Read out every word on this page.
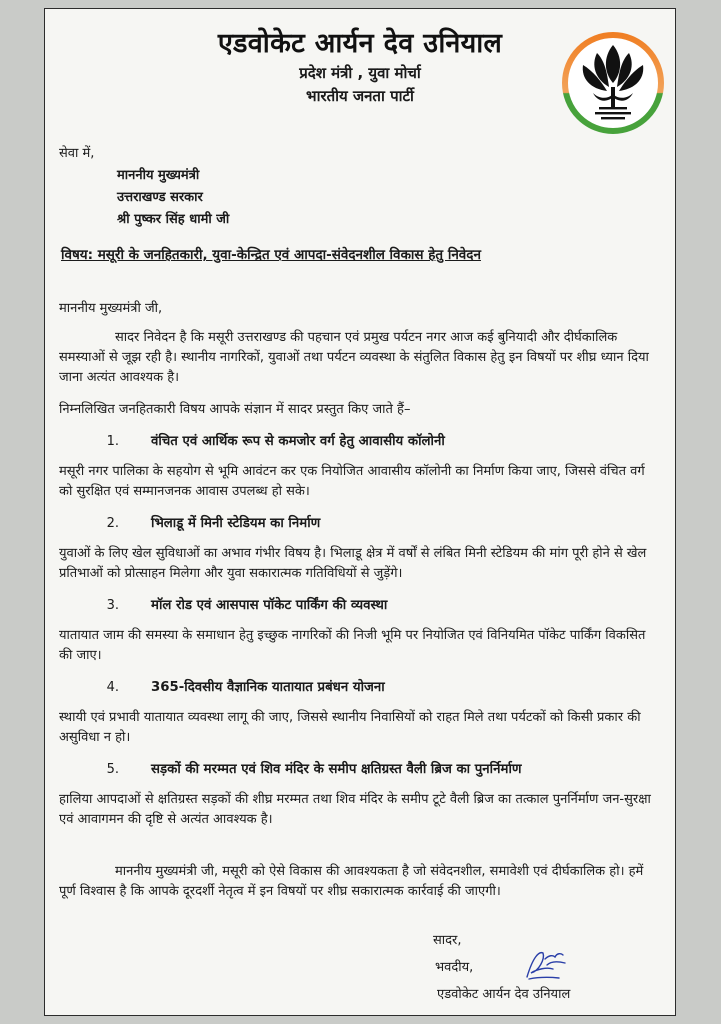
एडवोकेट आर्यन देव उनियाल
प्रदेश मंत्री , युवा मोर्चा
भारतीय जनता पार्टी
सेवा में,
माननीय मुख्यमंत्री
उत्तराखण्ड सरकार
श्री पुष्कर सिंह धामी जी
विषय: मसूरी के जनहितकारी, युवा-केन्द्रित एवं आपदा-संवेदनशील विकास हेतु निवेदन

माननीय मुख्यमंत्री जी,

सादर निवेदन है कि मसूरी उत्तराखण्ड की पहचान एवं प्रमुख पर्यटन नगर आज कई बुनियादी और दीर्घकालिक समस्याओं से जूझ रही है। स्थानीय नागरिकों, युवाओं तथा पर्यटन व्यवस्था के संतुलित विकास हेतु इन विषयों पर शीघ्र ध्यान दिया जाना अत्यंत आवश्यक है।

निम्नलिखित जनहितकारी विषय आपके संज्ञान में सादर प्रस्तुत किए जाते हैं–

1.	वंचित एवं आर्थिक रूप से कमजोर वर्ग हेतु आवासीय कॉलोनी

मसूरी नगर पालिका के सहयोग से भूमि आवंटन कर एक नियोजित आवासीय कॉलोनी का निर्माण किया जाए, जिससे वंचित वर्ग को सुरक्षित एवं सम्मानजनक आवास उपलब्ध हो सके।

2.	भिलाडू में मिनी स्टेडियम का निर्माण

युवाओं के लिए खेल सुविधाओं का अभाव गंभीर विषय है। भिलाडू क्षेत्र में वर्षों से लंबित मिनी स्टेडियम की मांग पूरी होने से खेल प्रतिभाओं को प्रोत्साहन मिलेगा और युवा सकारात्मक गतिविधियों से जुड़ेंगे।

3.	मॉल रोड एवं आसपास पॉकेट पार्किंग की व्यवस्था

यातायात जाम की समस्या के समाधान हेतु इच्छुक नागरिकों की निजी भूमि पर नियोजित एवं विनियमित पॉकेट पार्किंग विकसित की जाए।

4.	365-दिवसीय वैज्ञानिक यातायात प्रबंधन योजना

स्थायी एवं प्रभावी यातायात व्यवस्था लागू की जाए, जिससे स्थानीय निवासियों को राहत मिले तथा पर्यटकों को किसी प्रकार की असुविधा न हो।

5.	सड़कों की मरम्मत एवं शिव मंदिर के समीप क्षतिग्रस्त वैली ब्रिज का पुनर्निर्माण

हालिया आपदाओं से क्षतिग्रस्त सड़कों की शीघ्र मरम्मत तथा शिव मंदिर के समीप टूटे वैली ब्रिज का तत्काल पुनर्निर्माण जन-सुरक्षा एवं आवागमन की दृष्टि से अत्यंत आवश्यक है।

माननीय मुख्यमंत्री जी, मसूरी को ऐसे विकास की आवश्यकता है जो संवेदनशील, समावेशी एवं दीर्घकालिक हो। हमें पूर्ण विश्वास है कि आपके दूरदर्शी नेतृत्व में इन विषयों पर शीघ्र सकारात्मक कार्रवाई की जाएगी।

सादर,
भवदीय,
एडवोकेट आर्यन देव उनियाल
